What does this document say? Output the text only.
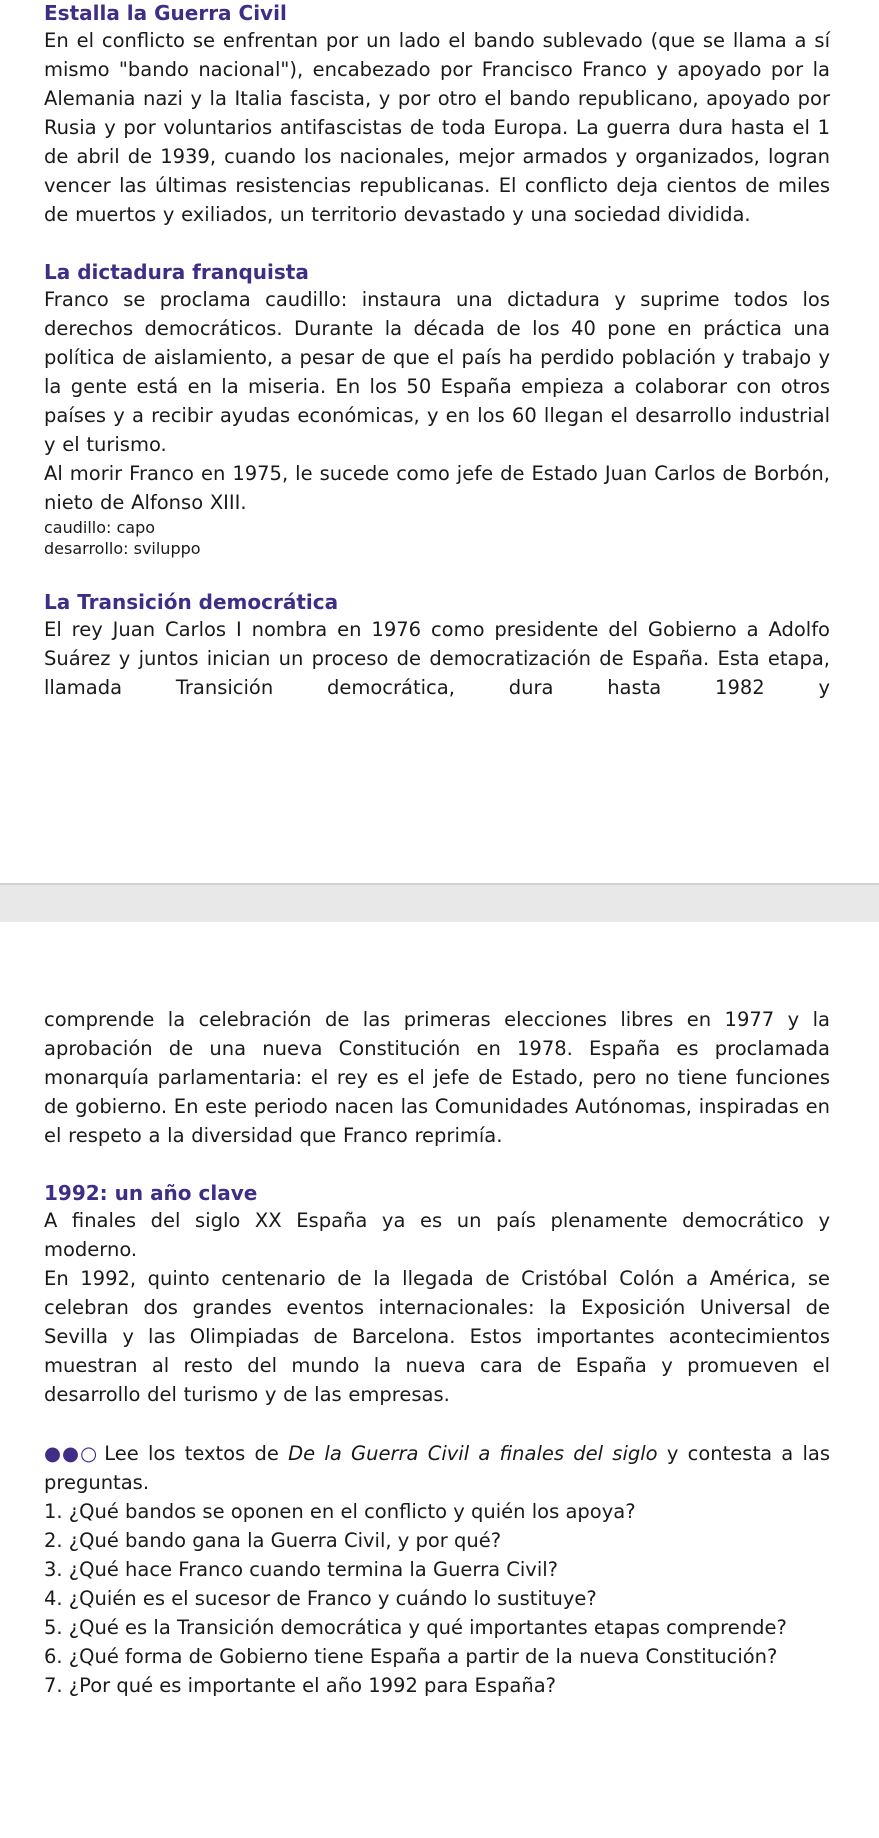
Estalla la Guerra Civil

En el conflicto se enfrentan por un lado el bando sublevado (que se llama a sí mismo "bando nacional"), encabezado por Francisco Franco y apoyado por la Alemania nazi y la Italia fascista, y por otro el bando republicano, apoyado por Rusia y por voluntarios antifascistas de toda Europa. La guerra dura hasta el 1 de abril de 1939, cuando los nacionales, mejor armados y organizados, logran vencer las últimas resistencias republicanas. El conflicto deja cientos de miles de muertos y exiliados, un territorio devastado y una sociedad dividida.

La dictadura franquista

Franco se proclama caudillo: instaura una dictadura y suprime todos los derechos democráticos. Durante la década de los 40 pone en práctica una política de aislamiento, a pesar de que el país ha perdido población y trabajo y la gente está en la miseria. En los 50 España empieza a colaborar con otros países y a recibir ayudas económicas, y en los 60 llegan el desarrollo industrial y el turismo.

Al morir Franco en 1975, le sucede como jefe de Estado Juan Carlos de Borbón, nieto de Alfonso XIII.

caudillo: capo

desarrollo: sviluppo

La Transición democrática

El rey Juan Carlos I nombra en 1976 como presidente del Gobierno a Adolfo Suárez y juntos inician un proceso de democratización de España. Esta etapa, llamada Transición democrática, dura hasta 1982 y

comprende la celebración de las primeras elecciones libres en 1977 y la aprobación de una nueva Constitución en 1978. España es proclamada monarquía parlamentaria: el rey es el jefe de Estado, pero no tiene funciones de gobierno. En este periodo nacen las Comunidades Autónomas, inspiradas en el respeto a la diversidad que Franco reprimía.

1992: un año clave

A finales del siglo XX España ya es un país plenamente democrático y moderno.

En 1992, quinto centenario de la llegada de Cristóbal Colón a América, se celebran dos grandes eventos internacionales: la Exposición Universal de Sevilla y las Olimpiadas de Barcelona. Estos importantes acontecimientos muestran al resto del mundo la nueva cara de España y promueven el desarrollo del turismo y de las empresas.

●●○ Lee los textos de De la Guerra Civil a finales del siglo y contesta a las preguntas.

1. ¿Qué bandos se oponen en el conflicto y quién los apoya?

2. ¿Qué bando gana la Guerra Civil, y por qué?

3. ¿Qué hace Franco cuando termina la Guerra Civil?

4. ¿Quién es el sucesor de Franco y cuándo lo sustituye?

5. ¿Qué es la Transición democrática y qué importantes etapas comprende?

6. ¿Qué forma de Gobierno tiene España a partir de la nueva Constitución?

7. ¿Por qué es importante el año 1992 para España?
